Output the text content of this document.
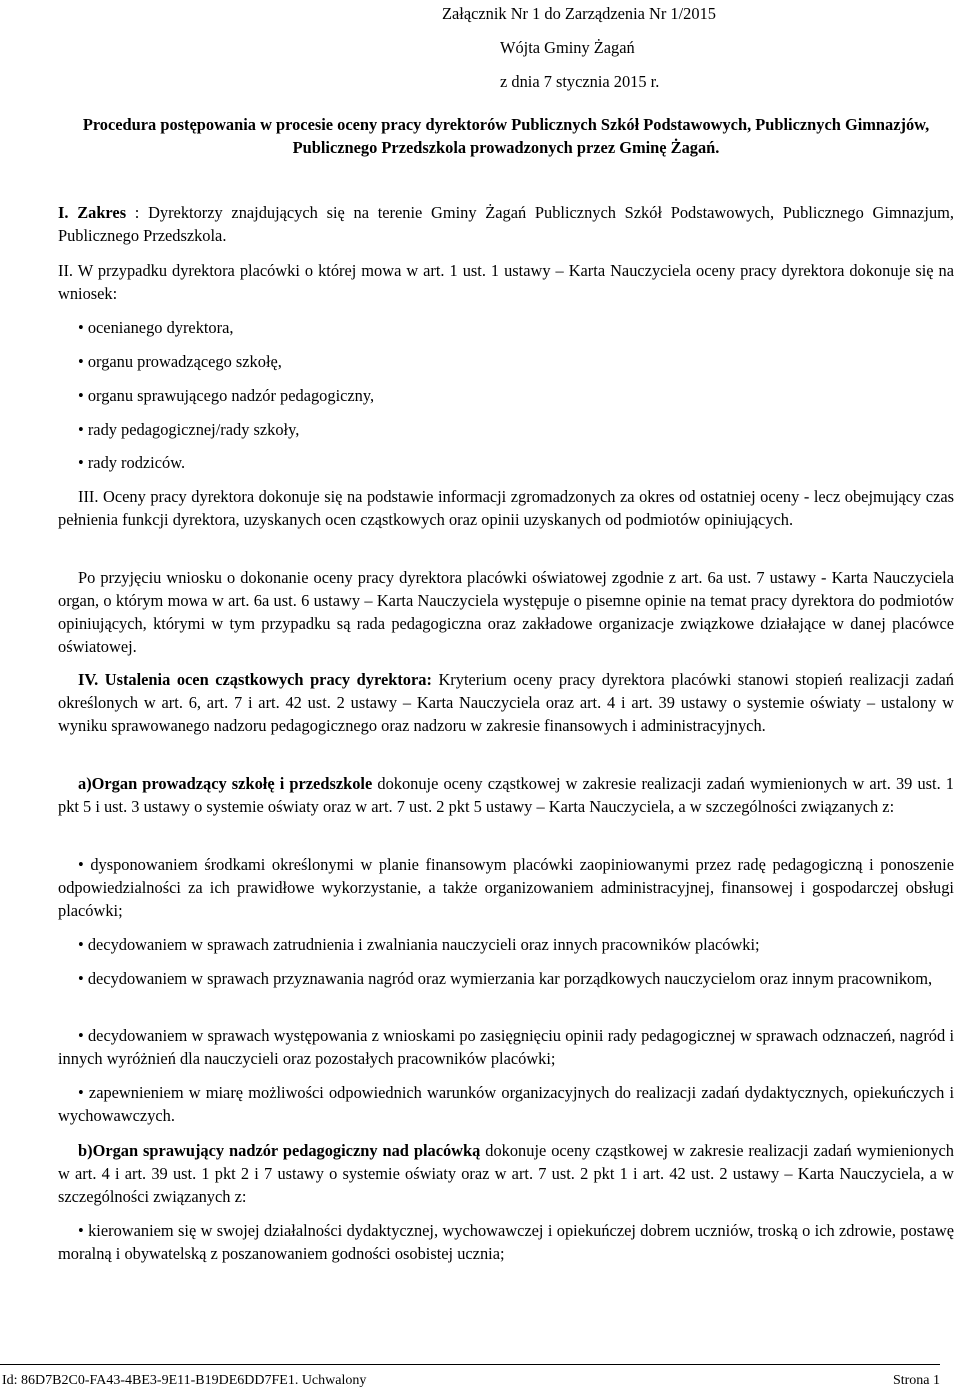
Załącznik Nr 1 do Zarządzenia Nr 1/2015
Wójta Gminy Żagań
z dnia 7 stycznia 2015 r.
Procedura postępowania w procesie oceny pracy dyrektorów Publicznych Szkół Podstawowych, Publicznych Gimnazjów, Publicznego Przedszkola prowadzonych przez Gminę Żagań.
I. Zakres : Dyrektorzy znajdujących się na terenie Gminy Żagań Publicznych Szkół Podstawowych, Publicznego Gimnazjum, Publicznego Przedszkola.
II. W przypadku dyrektora placówki o której mowa w art. 1 ust. 1 ustawy – Karta Nauczyciela oceny pracy dyrektora dokonuje się na wniosek:
• ocenianego dyrektora,
• organu prowadzącego szkołę,
• organu sprawującego nadzór pedagogiczny,
• rady pedagogicznej/rady szkoły,
• rady rodziców.
III. Oceny pracy dyrektora dokonuje się na podstawie informacji zgromadzonych za okres od ostatniej oceny - lecz obejmujący czas pełnienia funkcji dyrektora, uzyskanych ocen cząstkowych oraz opinii uzyskanych od podmiotów opiniujących.
Po przyjęciu wniosku o dokonanie oceny pracy dyrektora placówki oświatowej zgodnie z art. 6a ust. 7 ustawy - Karta Nauczyciela organ, o którym mowa w art. 6a ust. 6 ustawy – Karta Nauczyciela występuje o pisemne opinie na temat pracy dyrektora do podmiotów opiniujących, którymi w tym przypadku są rada pedagogiczna oraz zakładowe organizacje związkowe działające w danej placówce oświatowej.
IV. Ustalenia ocen cząstkowych pracy dyrektora: Kryterium oceny pracy dyrektora placówki stanowi stopień realizacji zadań określonych w art. 6, art. 7 i art. 42 ust. 2 ustawy – Karta Nauczyciela oraz art. 4 i art. 39 ustawy o systemie oświaty – ustalony w wyniku sprawowanego nadzoru pedagogicznego oraz nadzoru w zakresie finansowych i administracyjnych.
a)Organ prowadzący szkołę i przedszkole dokonuje oceny cząstkowej w zakresie realizacji zadań wymienionych w art. 39 ust. 1 pkt 5 i ust. 3 ustawy o systemie oświaty oraz w art. 7 ust. 2 pkt 5 ustawy – Karta Nauczyciela, a w szczególności związanych z:
• dysponowaniem środkami określonymi w planie finansowym placówki zaopiniowanymi przez radę pedagogiczną i ponoszenie odpowiedzialności za ich prawidłowe wykorzystanie, a także organizowaniem administracyjnej, finansowej i gospodarczej obsługi placówki;
• decydowaniem w sprawach zatrudnienia i zwalniania nauczycieli oraz innych pracowników placówki;
• decydowaniem w sprawach przyznawania nagród oraz wymierzania kar porządkowych nauczycielom oraz innym pracownikom,
• decydowaniem w sprawach występowania z wnioskami po zasięgnięciu opinii rady pedagogicznej w sprawach odznaczeń, nagród i innych wyróżnień dla nauczycieli oraz pozostałych pracowników placówki;
• zapewnieniem w miarę możliwości odpowiednich warunków organizacyjnych do realizacji zadań dydaktycznych, opiekuńczych i wychowawczych.
b)Organ sprawujący nadzór pedagogiczny nad placówką dokonuje oceny cząstkowej w zakresie realizacji zadań wymienionych w art. 4 i art. 39 ust. 1 pkt 2 i 7 ustawy o systemie oświaty oraz w art. 7 ust. 2 pkt 1 i art. 42 ust. 2 ustawy – Karta Nauczyciela, a w szczególności związanych z:
• kierowaniem się w swojej działalności dydaktycznej, wychowawczej i opiekuńczej dobrem uczniów, troską o ich zdrowie, postawę moralną i obywatelską z poszanowaniem godności osobistej ucznia;
Id: 86D7B2C0-FA43-4BE3-9E11-B19DE6DD7FE1. Uchwalony	Strona 1
